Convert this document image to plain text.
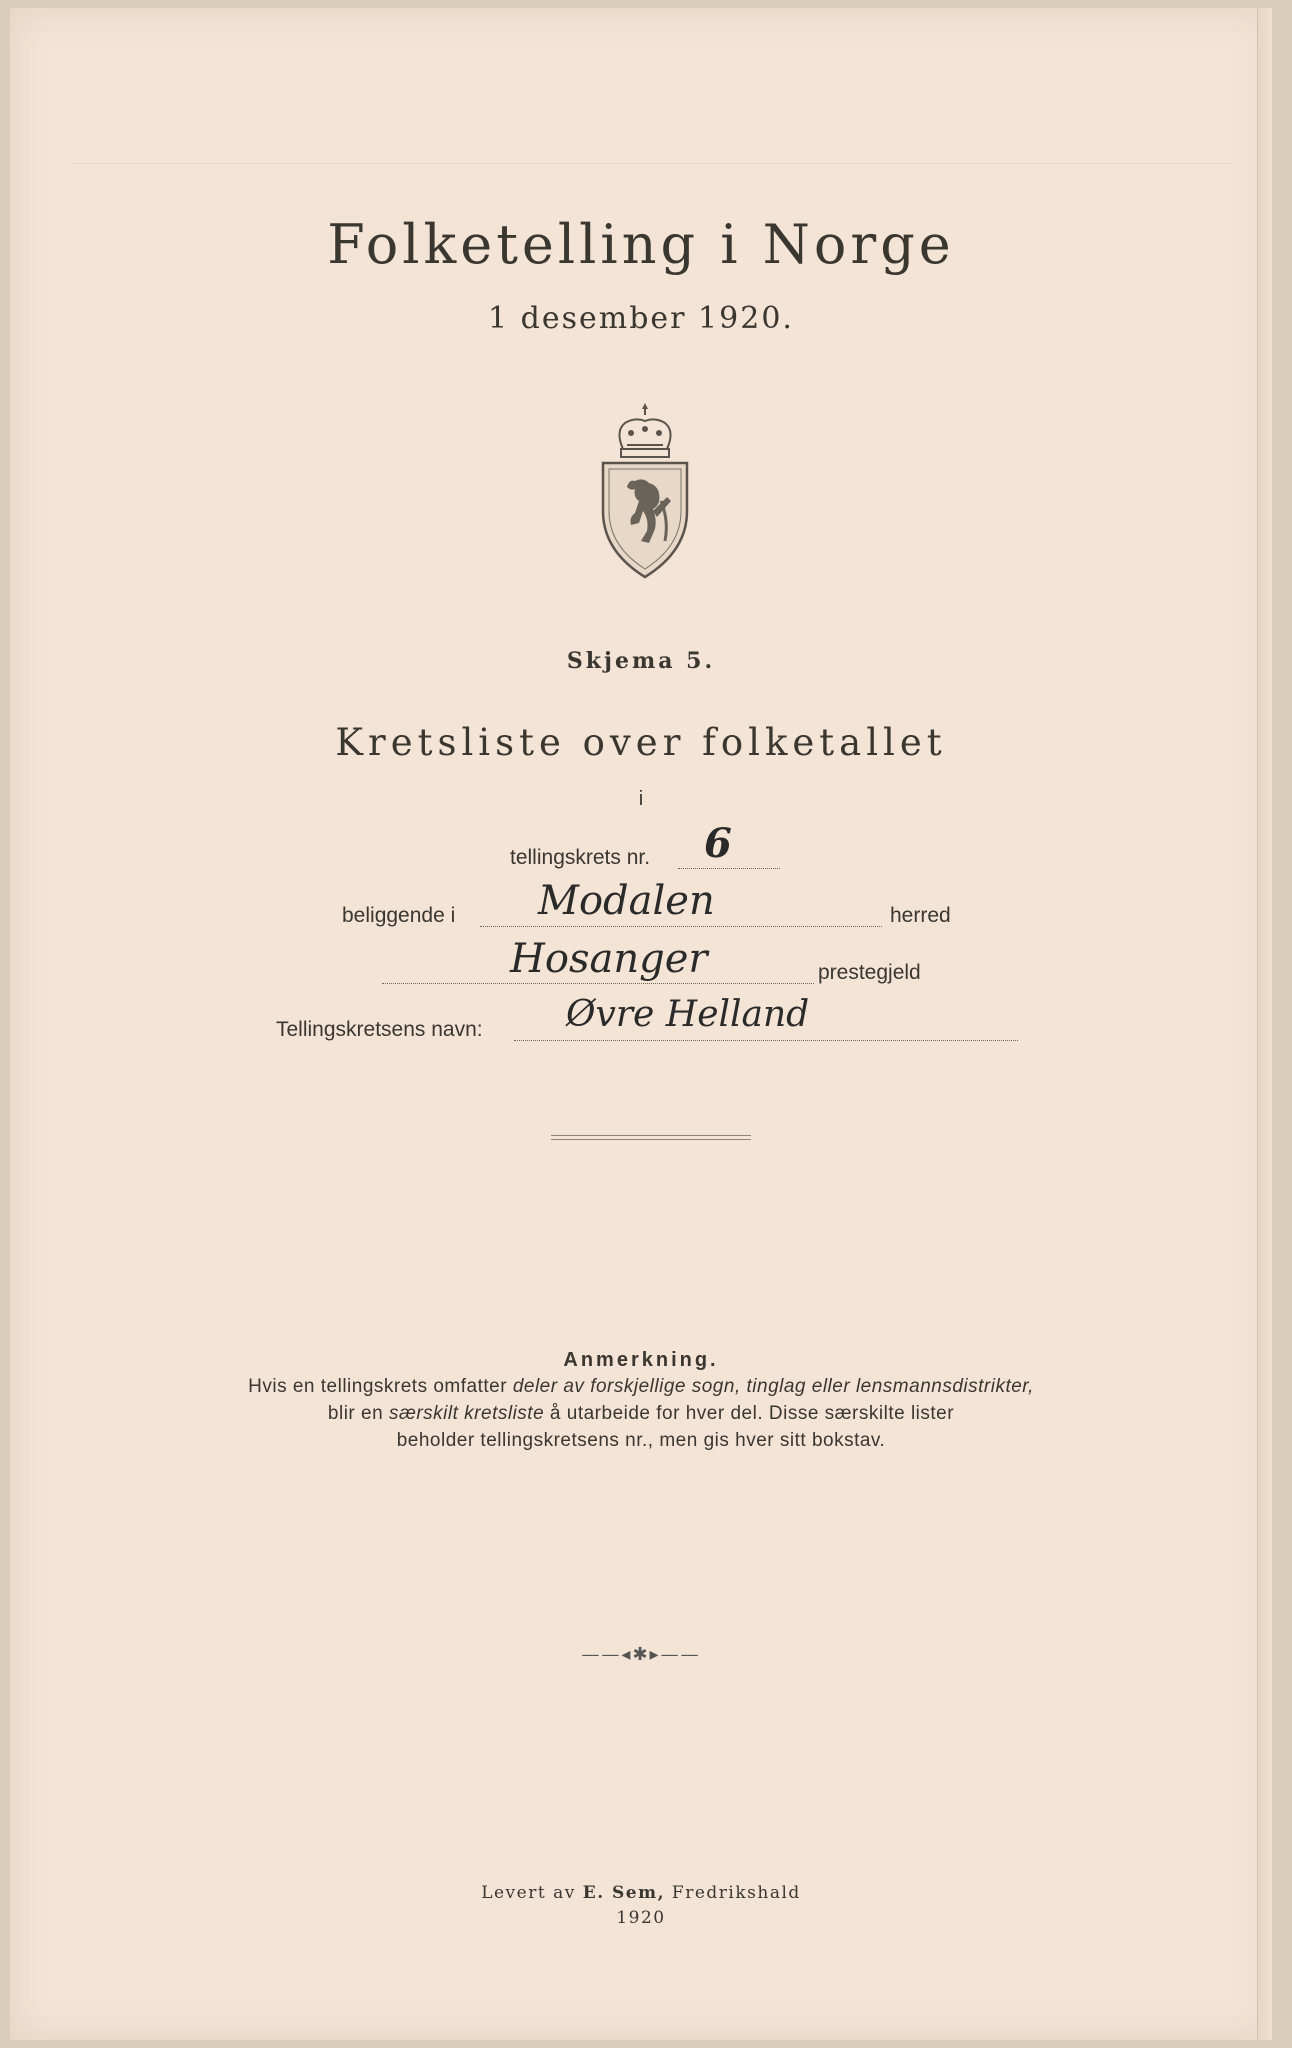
Folketelling i Norge
1 desember 1920.
Skjema 5.
Kretsliste over folketallet
i
tellingskrets nr. 6
beliggende i Modalen	herred
Hosanger	prestegjeld
Tellingskretsens navn: Øvre Helland
Anmerkning.
Hvis en tellingskrets omfatter deler av forskjellige sogn, tinglag eller lensmannsdistrikter,
blir en særskilt kretsliste å utarbeide for hver del. Disse særskilte lister
beholder tellingskretsens nr., men gis hver sitt bokstav.
——◂✱▸——
Levert av E. Sem, Fredrikshald
1920
